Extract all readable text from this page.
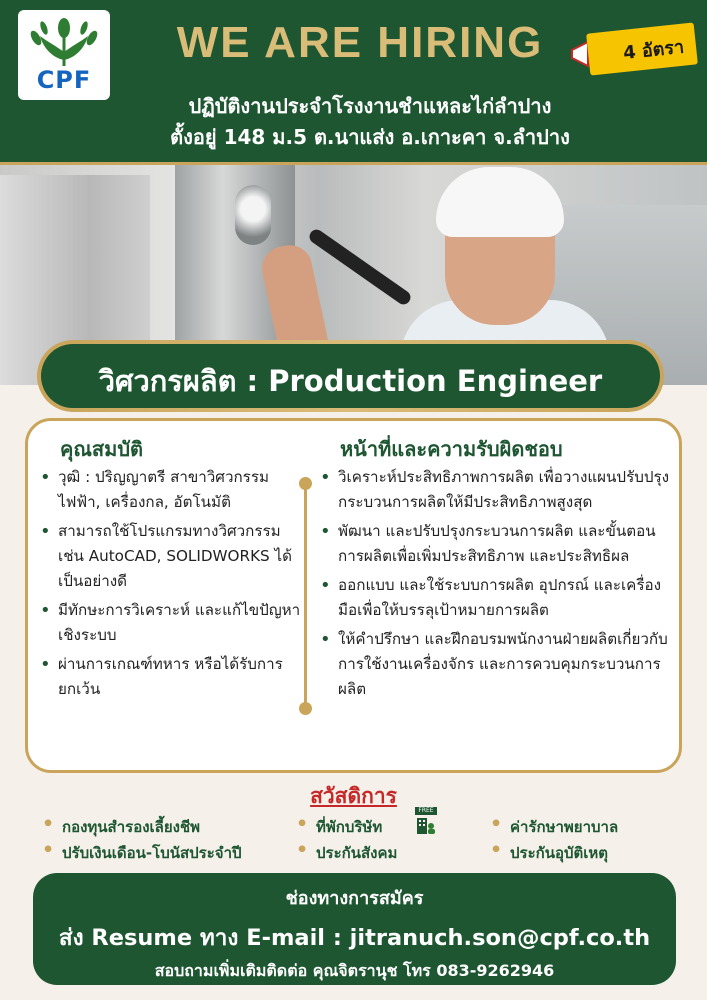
CPF
WE ARE HIRING	4 อัตรา
ปฏิบัติงานประจำโรงงานชำแหละไก่ลำปาง
ตั้งอยู่ 148 ม.5 ต.นาแส่ง อ.เกาะคา จ.ลำปาง
วิศวกรผลิต : Production Engineer
คุณสมบัติ
• วุฒิ : ปริญญาตรี สาขาวิศวกรรมไฟฟ้า, เครื่องกล, อัตโนมัติ
• สามารถใช้โปรแกรมทางวิศวกรรม เช่น AutoCAD, SOLIDWORKS ได้เป็นอย่างดี
• มีทักษะการวิเคราะห์ และแก้ไขปัญหาเชิงระบบ
• ผ่านการเกณฑ์ทหาร หรือได้รับการยกเว้น
หน้าที่และความรับผิดชอบ
• วิเคราะห์ประสิทธิภาพการผลิต เพื่อวางแผนปรับปรุงกระบวนการผลิตให้มีประสิทธิภาพสูงสุด
• พัฒนา และปรับปรุงกระบวนการผลิต และขั้นตอนการผลิตเพื่อเพิ่มประสิทธิภาพ และประสิทธิผล
• ออกแบบ และใช้ระบบการผลิต อุปกรณ์ และเครื่องมือเพื่อให้บรรลุเป้าหมายการผลิต
• ให้คำปรึกษา และฝึกอบรมพนักงานฝ่ายผลิตเกี่ยวกับการใช้งานเครื่องจักร และการควบคุมกระบวนการผลิต
สวัสดิการ
• กองทุนสำรองเลี้ยงชีพ	• ที่พักบริษัท	• ค่ารักษาพยาบาล
• ปรับเงินเดือน-โบนัสประจำปี	• ประกันสังคม	• ประกันอุบัติเหตุ
FREE
ช่องทางการสมัคร
ส่ง Resume ทาง E-mail : jitranuch.son@cpf.co.th
สอบถามเพิ่มเติมติดต่อ คุณจิตรานุช โทร 083-9262946
